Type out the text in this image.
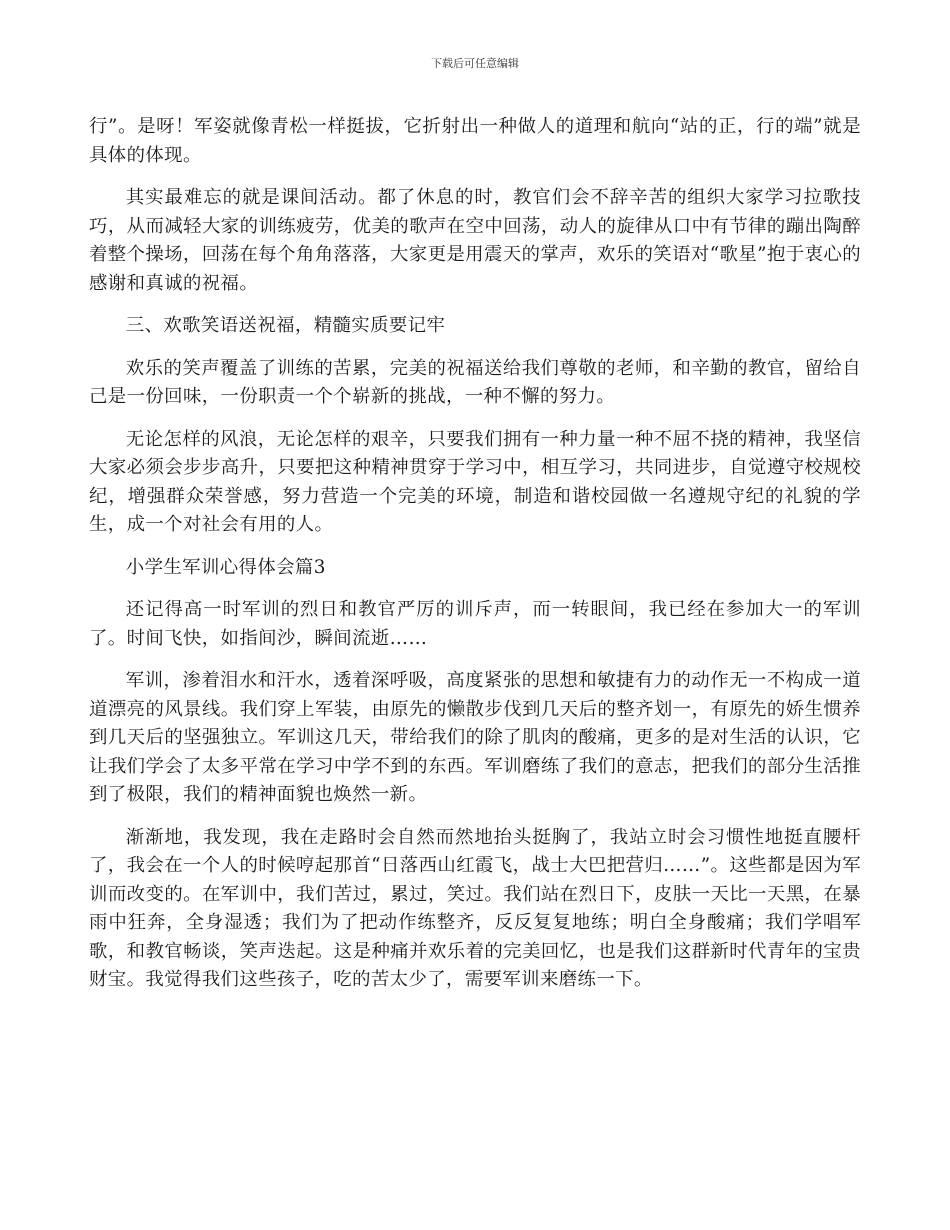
下载后可任意编辑

行”。是呀！军姿就像青松一样挺拔，它折射出一种做人的道理和航向“站的正，行的端”就是具体的体现。

其实最难忘的就是课间活动。都了休息的时，教官们会不辞辛苦的组织大家学习拉歌技巧，从而减轻大家的训练疲劳，优美的歌声在空中回荡，动人的旋律从口中有节律的蹦出陶醉着整个操场，回荡在每个角角落落，大家更是用震天的掌声，欢乐的笑语对“歌星”抱于衷心的感谢和真诚的祝福。

三、欢歌笑语送祝福，精髓实质要记牢

欢乐的笑声覆盖了训练的苦累，完美的祝福送给我们尊敬的老师，和辛勤的教官，留给自己是一份回味，一份职责一个个崭新的挑战，一种不懈的努力。

无论怎样的风浪，无论怎样的艰辛，只要我们拥有一种力量一种不屈不挠的精神，我坚信大家必须会步步高升，只要把这种精神贯穿于学习中，相互学习，共同进步，自觉遵守校规校纪，增强群众荣誉感，努力营造一个完美的环境，制造和谐校园做一名遵规守纪的礼貌的学生，成一个对社会有用的人。

小学生军训心得体会篇3

还记得高一时军训的烈日和教官严厉的训斥声，而一转眼间，我已经在参加大一的军训了。时间飞快，如指间沙，瞬间流逝……

军训，渗着泪水和汗水，透着深呼吸，高度紧张的思想和敏捷有力的动作无一不构成一道道漂亮的风景线。我们穿上军装，由原先的懒散步伐到几天后的整齐划一，有原先的娇生惯养到几天后的坚强独立。军训这几天，带给我们的除了肌肉的酸痛，更多的是对生活的认识，它让我们学会了太多平常在学习中学不到的东西。军训磨练了我们的意志，把我们的部分生活推到了极限，我们的精神面貌也焕然一新。

渐渐地，我发现，我在走路时会自然而然地抬头挺胸了，我站立时会习惯性地挺直腰杆了，我会在一个人的时候哼起那首“日落西山红霞飞，战士大巴把营归……”。这些都是因为军训而改变的。在军训中，我们苦过，累过，笑过。我们站在烈日下，皮肤一天比一天黑，在暴雨中狂奔，全身湿透；我们为了把动作练整齐，反反复复地练；明白全身酸痛；我们学唱军歌，和教官畅谈，笑声迭起。这是种痛并欢乐着的完美回忆，也是我们这群新时代青年的宝贵财宝。我觉得我们这些孩子，吃的苦太少了，需要军训来磨练一下。
